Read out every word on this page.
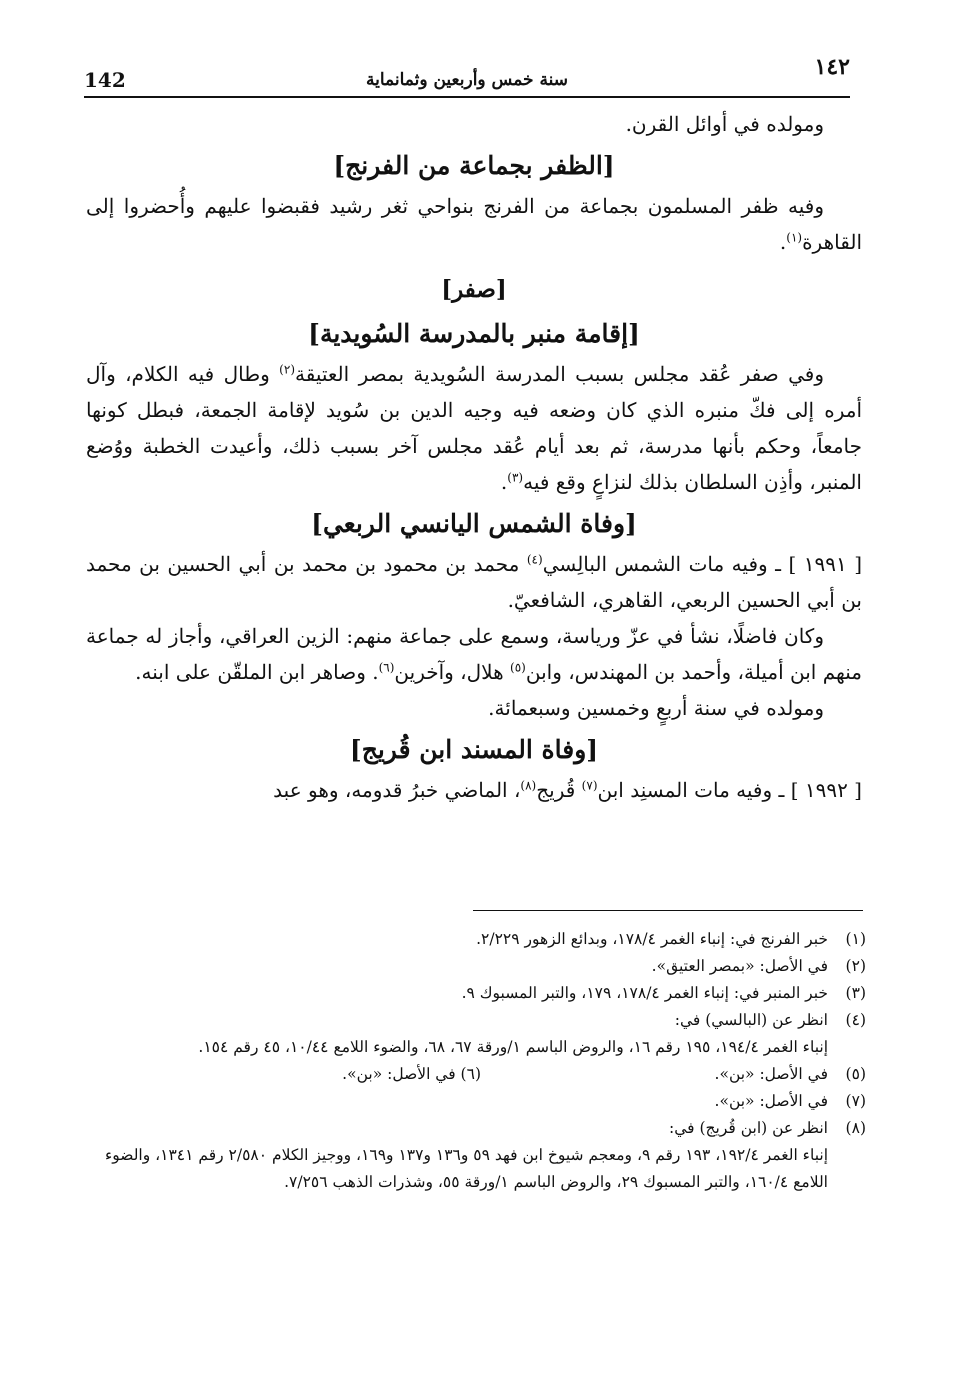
142	سنة خمس وأربعين وثمانماية	١٤٢

ومولده في أوائل القرن.

[الظفر بجماعة من الفرنج]

وفيه ظفر المسلمون بجماعة من الفرنج بنواحي ثغر رشيد فقبضوا عليهم وأُحضروا إلى القاهرة$^{(١)}$.

[صفر]
[إقامة منبر بالمدرسة السُويدية]

وفي صفر عُقد مجلس بسبب المدرسة السُويدية بمصر العتيقة$^{(٢)}$ وطال فيه الكلام، وآل أمره إلى فكّ منبره الذي كان وضعه فيه وجيه الدين بن سُويد لإقامة الجمعة، فبطل كونها جامعاً، وحكم بأنها مدرسة، ثم بعد أيام عُقد مجلس آخر بسبب ذلك، وأعيدت الخطبة ووُضع المنبر، وأذِن السلطان بذلك لنزاعٍ وقع فيه$^{(٣)}$.

[وفاة الشمس اليانسي الربعي]

[ ١٩٩١ ] ـ وفيه مات الشمس البالِسي$^{(٤)}$ محمد بن محمود بن محمد بن أبي الحسين بن محمد بن أبي الحسين الربعي، القاهري، الشافعيّ.

وكان فاضلًا، نشأ في عزّ ورياسة، وسمع على جماعة منهم: الزين العراقي، وأجاز له جماعة منهم ابن أميلة، وأحمد بن المهندس، وابن$^{(٥)}$ هلال، وآخرين$^{(٦)}$. وصاهر ابن الملقّن على ابنه.

ومولده في سنة أربعٍ وخمسين وسبعمائة.

[وفاة المسند ابن قُريج]

[ ١٩٩٢ ] ـ وفيه مات المسنِد ابن$^{(٧)}$ قُريج$^{(٨)}$، الماضي خبرُ قدومه، وهو عبد

(١)
خبر الفرنج في: إنباء الغمر ١٧٨/٤، وبدائع الزهور ٢/٢٢٩.
(٢)
في الأصل: «بمصر العتيق».
(٣)
خبر المنبر في: إنباء الغمر ١٧٨/٤، ١٧٩، والتبر المسبوك ٩.
(٤)
انظر عن (البالسي) في:
إنباء الغمر ١٩٤/٤، ١٩٥ رقم ١٦، والروض الباسم ١/ورقة ٦٧، ٦٨، والضوء اللامع ١٠/٤٤، ٤٥ رقم ١٥٤.
(٥)
في الأصل: «بن».
(٦) في الأصل: «بن».
(٧)
في الأصل: «بن».
(٨)
انظر عن (ابن قُريج) في:
إنباء الغمر ١٩٢/٤، ١٩٣ رقم ٩، ومعجم شيوخ ابن فهد ٥٩ و١٣٦ و١٣٧ و١٦٩، ووجيز الكلام ٢/٥٨٠ رقم ١٣٤١، والضوء اللامع ١٦٠/٤، والتبر المسبوك ٢٩، والروض الباسم ١/ورقة ٥٥، وشذرات الذهب ٧/٢٥٦.
